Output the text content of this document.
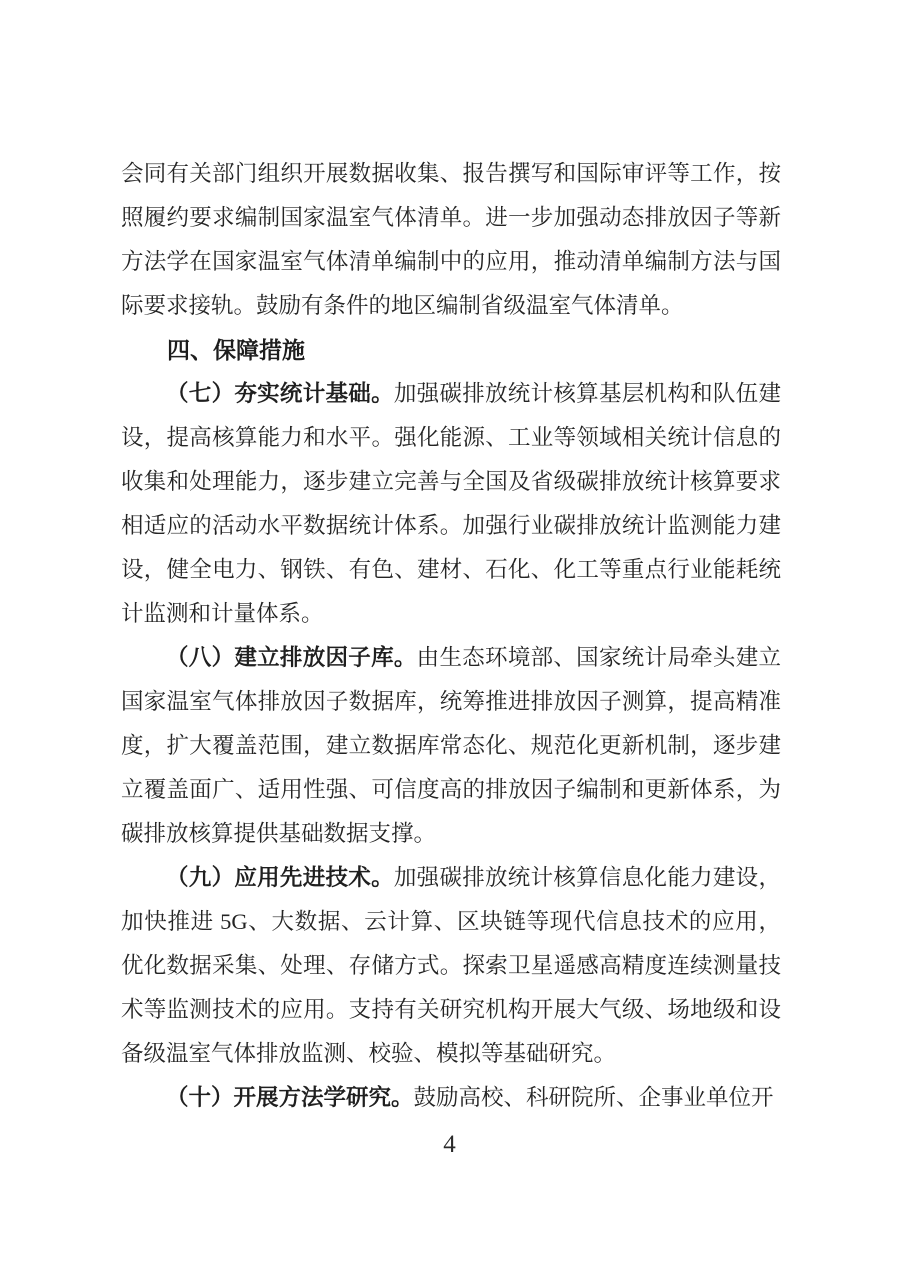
会同有关部门组织开展数据收集、报告撰写和国际审评等工作，按照履约要求编制国家温室气体清单。进一步加强动态排放因子等新方法学在国家温室气体清单编制中的应用，推动清单编制方法与国际要求接轨。鼓励有条件的地区编制省级温室气体清单。

四、保障措施

（七）夯实统计基础。加强碳排放统计核算基层机构和队伍建设，提高核算能力和水平。强化能源、工业等领域相关统计信息的收集和处理能力，逐步建立完善与全国及省级碳排放统计核算要求相适应的活动水平数据统计体系。加强行业碳排放统计监测能力建设，健全电力、钢铁、有色、建材、石化、化工等重点行业能耗统计监测和计量体系。

（八）建立排放因子库。由生态环境部、国家统计局牵头建立国家温室气体排放因子数据库，统筹推进排放因子测算，提高精准度，扩大覆盖范围，建立数据库常态化、规范化更新机制，逐步建立覆盖面广、适用性强、可信度高的排放因子编制和更新体系，为碳排放核算提供基础数据支撑。

（九）应用先进技术。加强碳排放统计核算信息化能力建设，加快推进 5G、大数据、云计算、区块链等现代信息技术的应用，优化数据采集、处理、存储方式。探索卫星遥感高精度连续测量技术等监测技术的应用。支持有关研究机构开展大气级、场地级和设备级温室气体排放监测、校验、模拟等基础研究。

（十）开展方法学研究。鼓励高校、科研院所、企事业单位开

4
